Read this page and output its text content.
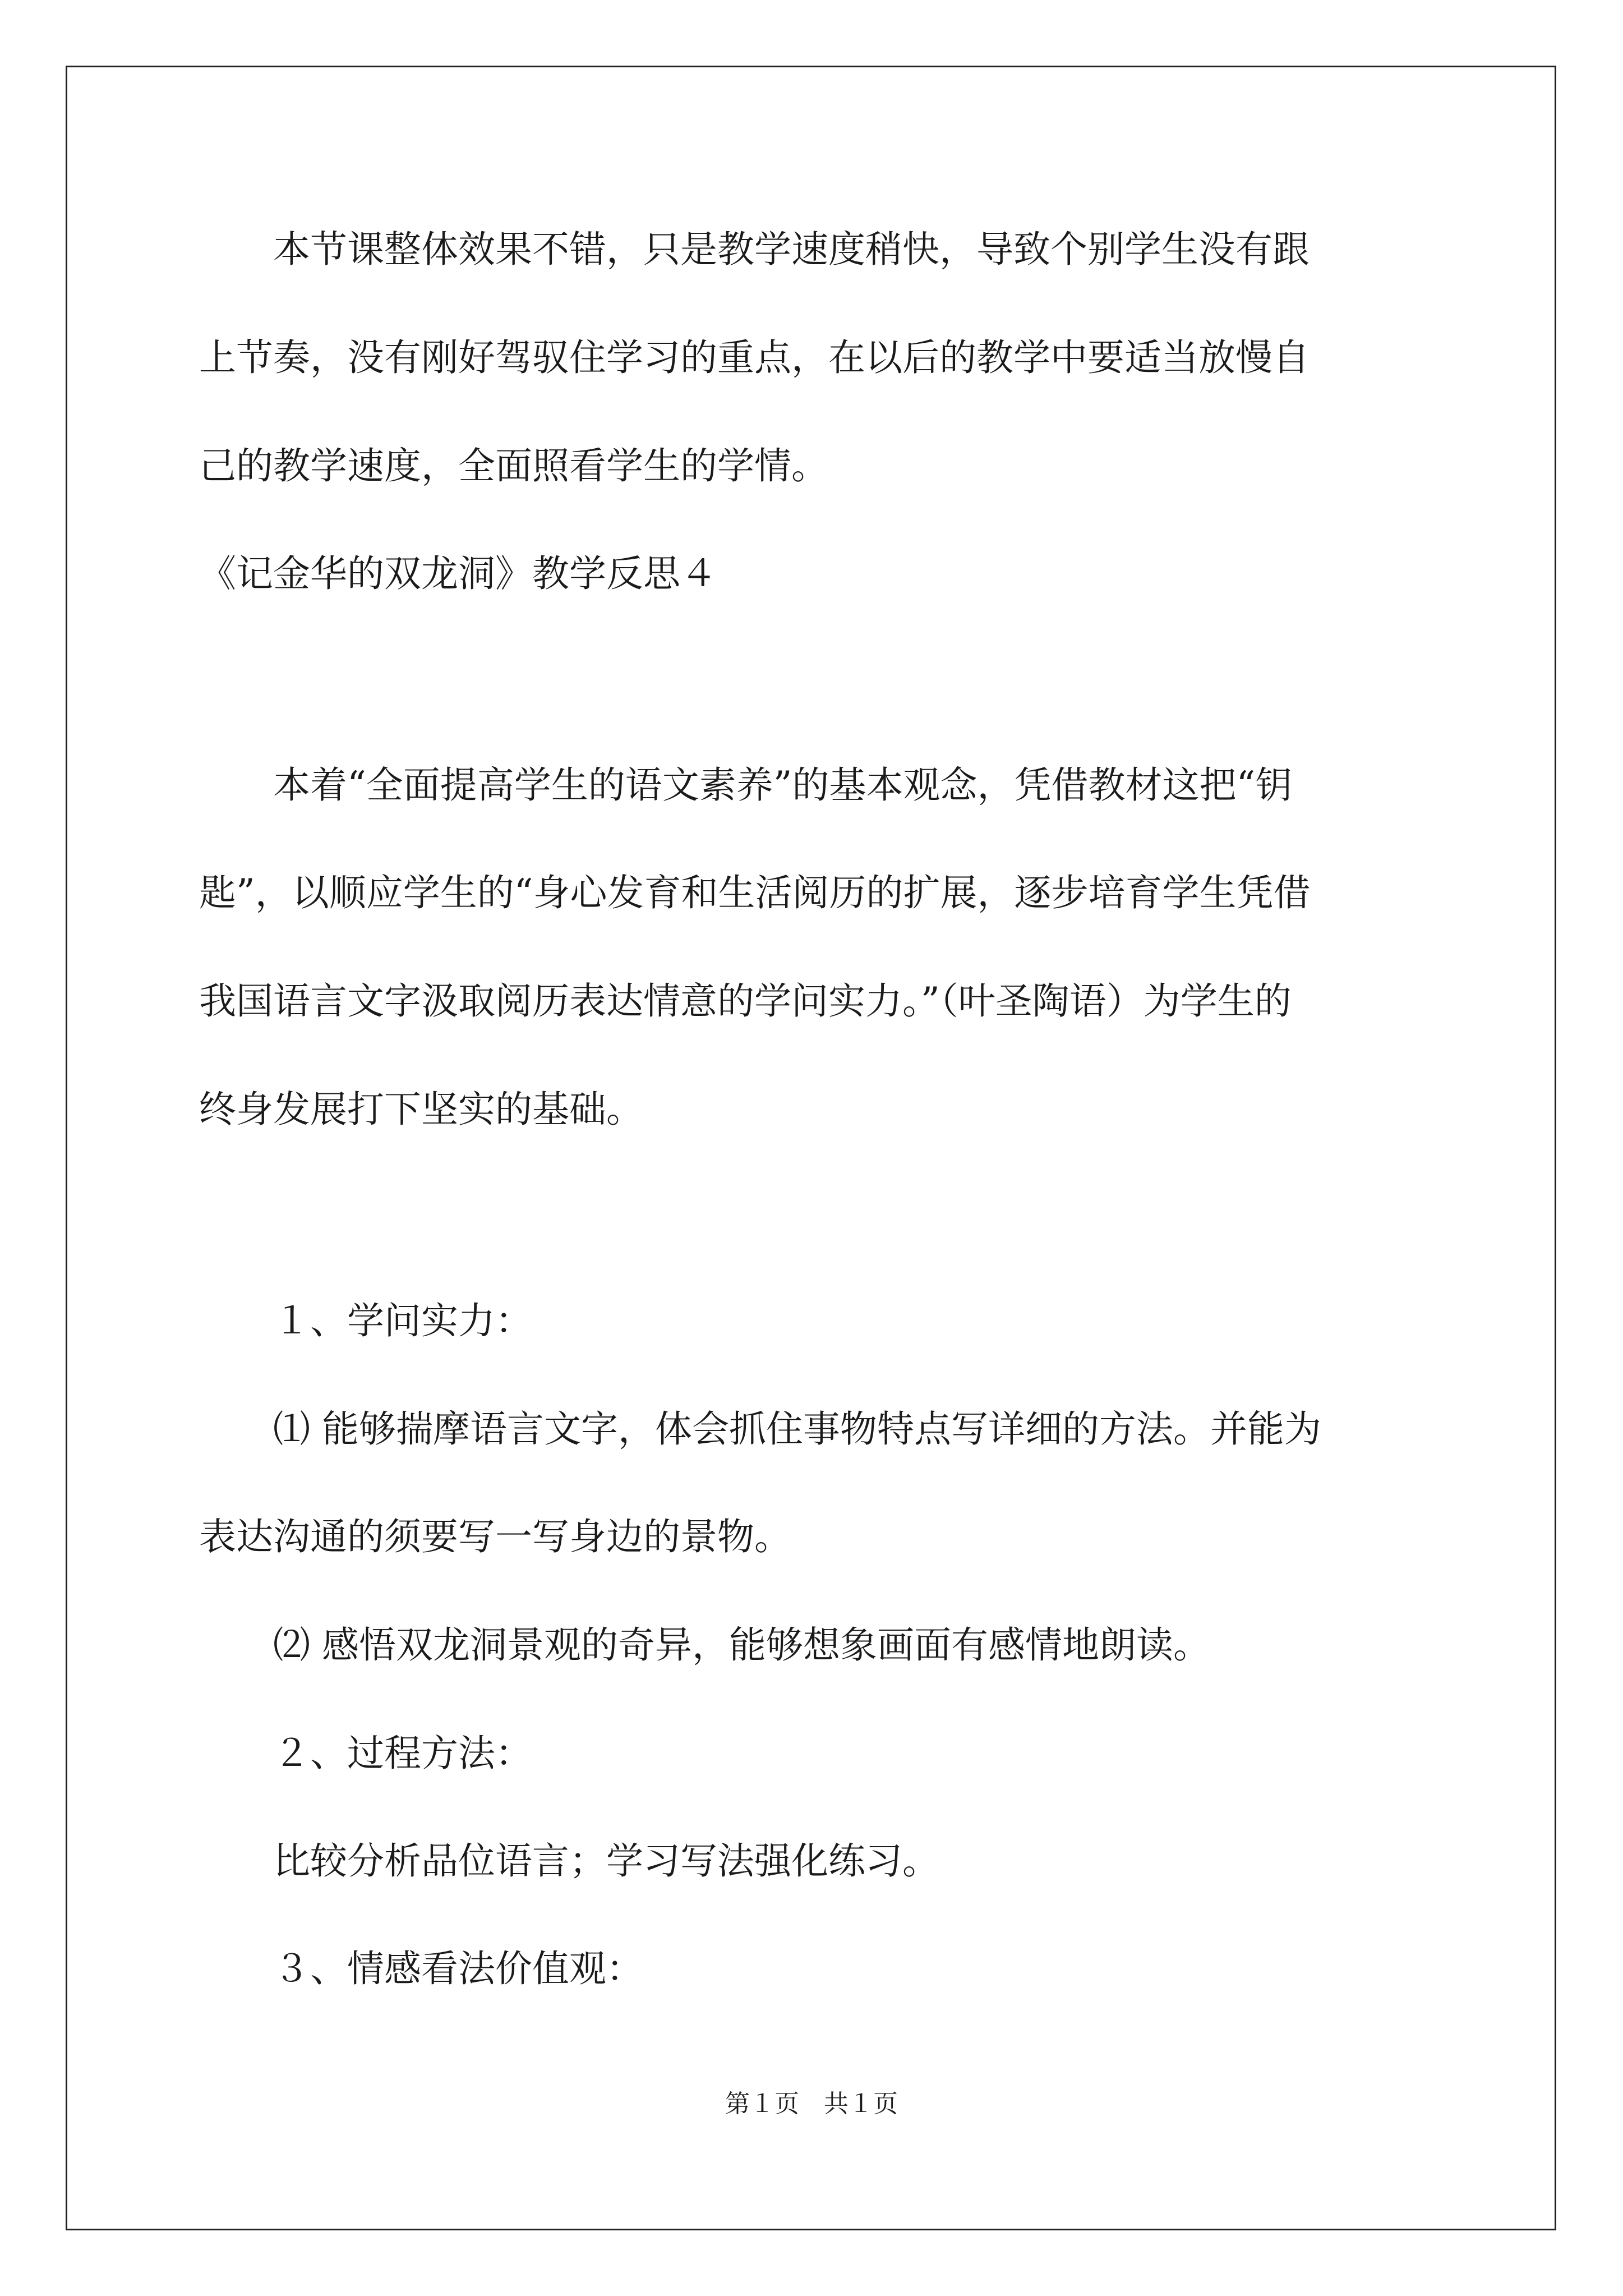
　　本节课整体效果不错，只是教学速度稍快，导致个别学生没有跟

上节奏，没有刚好驾驭住学习的重点，在以后的教学中要适当放慢自

己的教学速度，全面照看学生的学情。

《记金华的双龙洞》教学反思４

　　本着“全面提高学生的语文素养”的基本观念，凭借教材这把“钥

匙”，以顺应学生的“身心发育和生活阅历的扩展，逐步培育学生凭借

我国语言文字汲取阅历表达情意的学问实力。”（叶圣陶语）为学生的

终身发展打下坚实的基础。

　　１、学问实力：

　　⑴ 能够揣摩语言文字，体会抓住事物特点写详细的方法。并能为

表达沟通的须要写一写身边的景物。

　　⑵ 感悟双龙洞景观的奇异，能够想象画面有感情地朗读。

　　２、过程方法：

　　比较分析品位语言；学习写法强化练习。

　　３、情感看法价值观：

第１页　共１页
